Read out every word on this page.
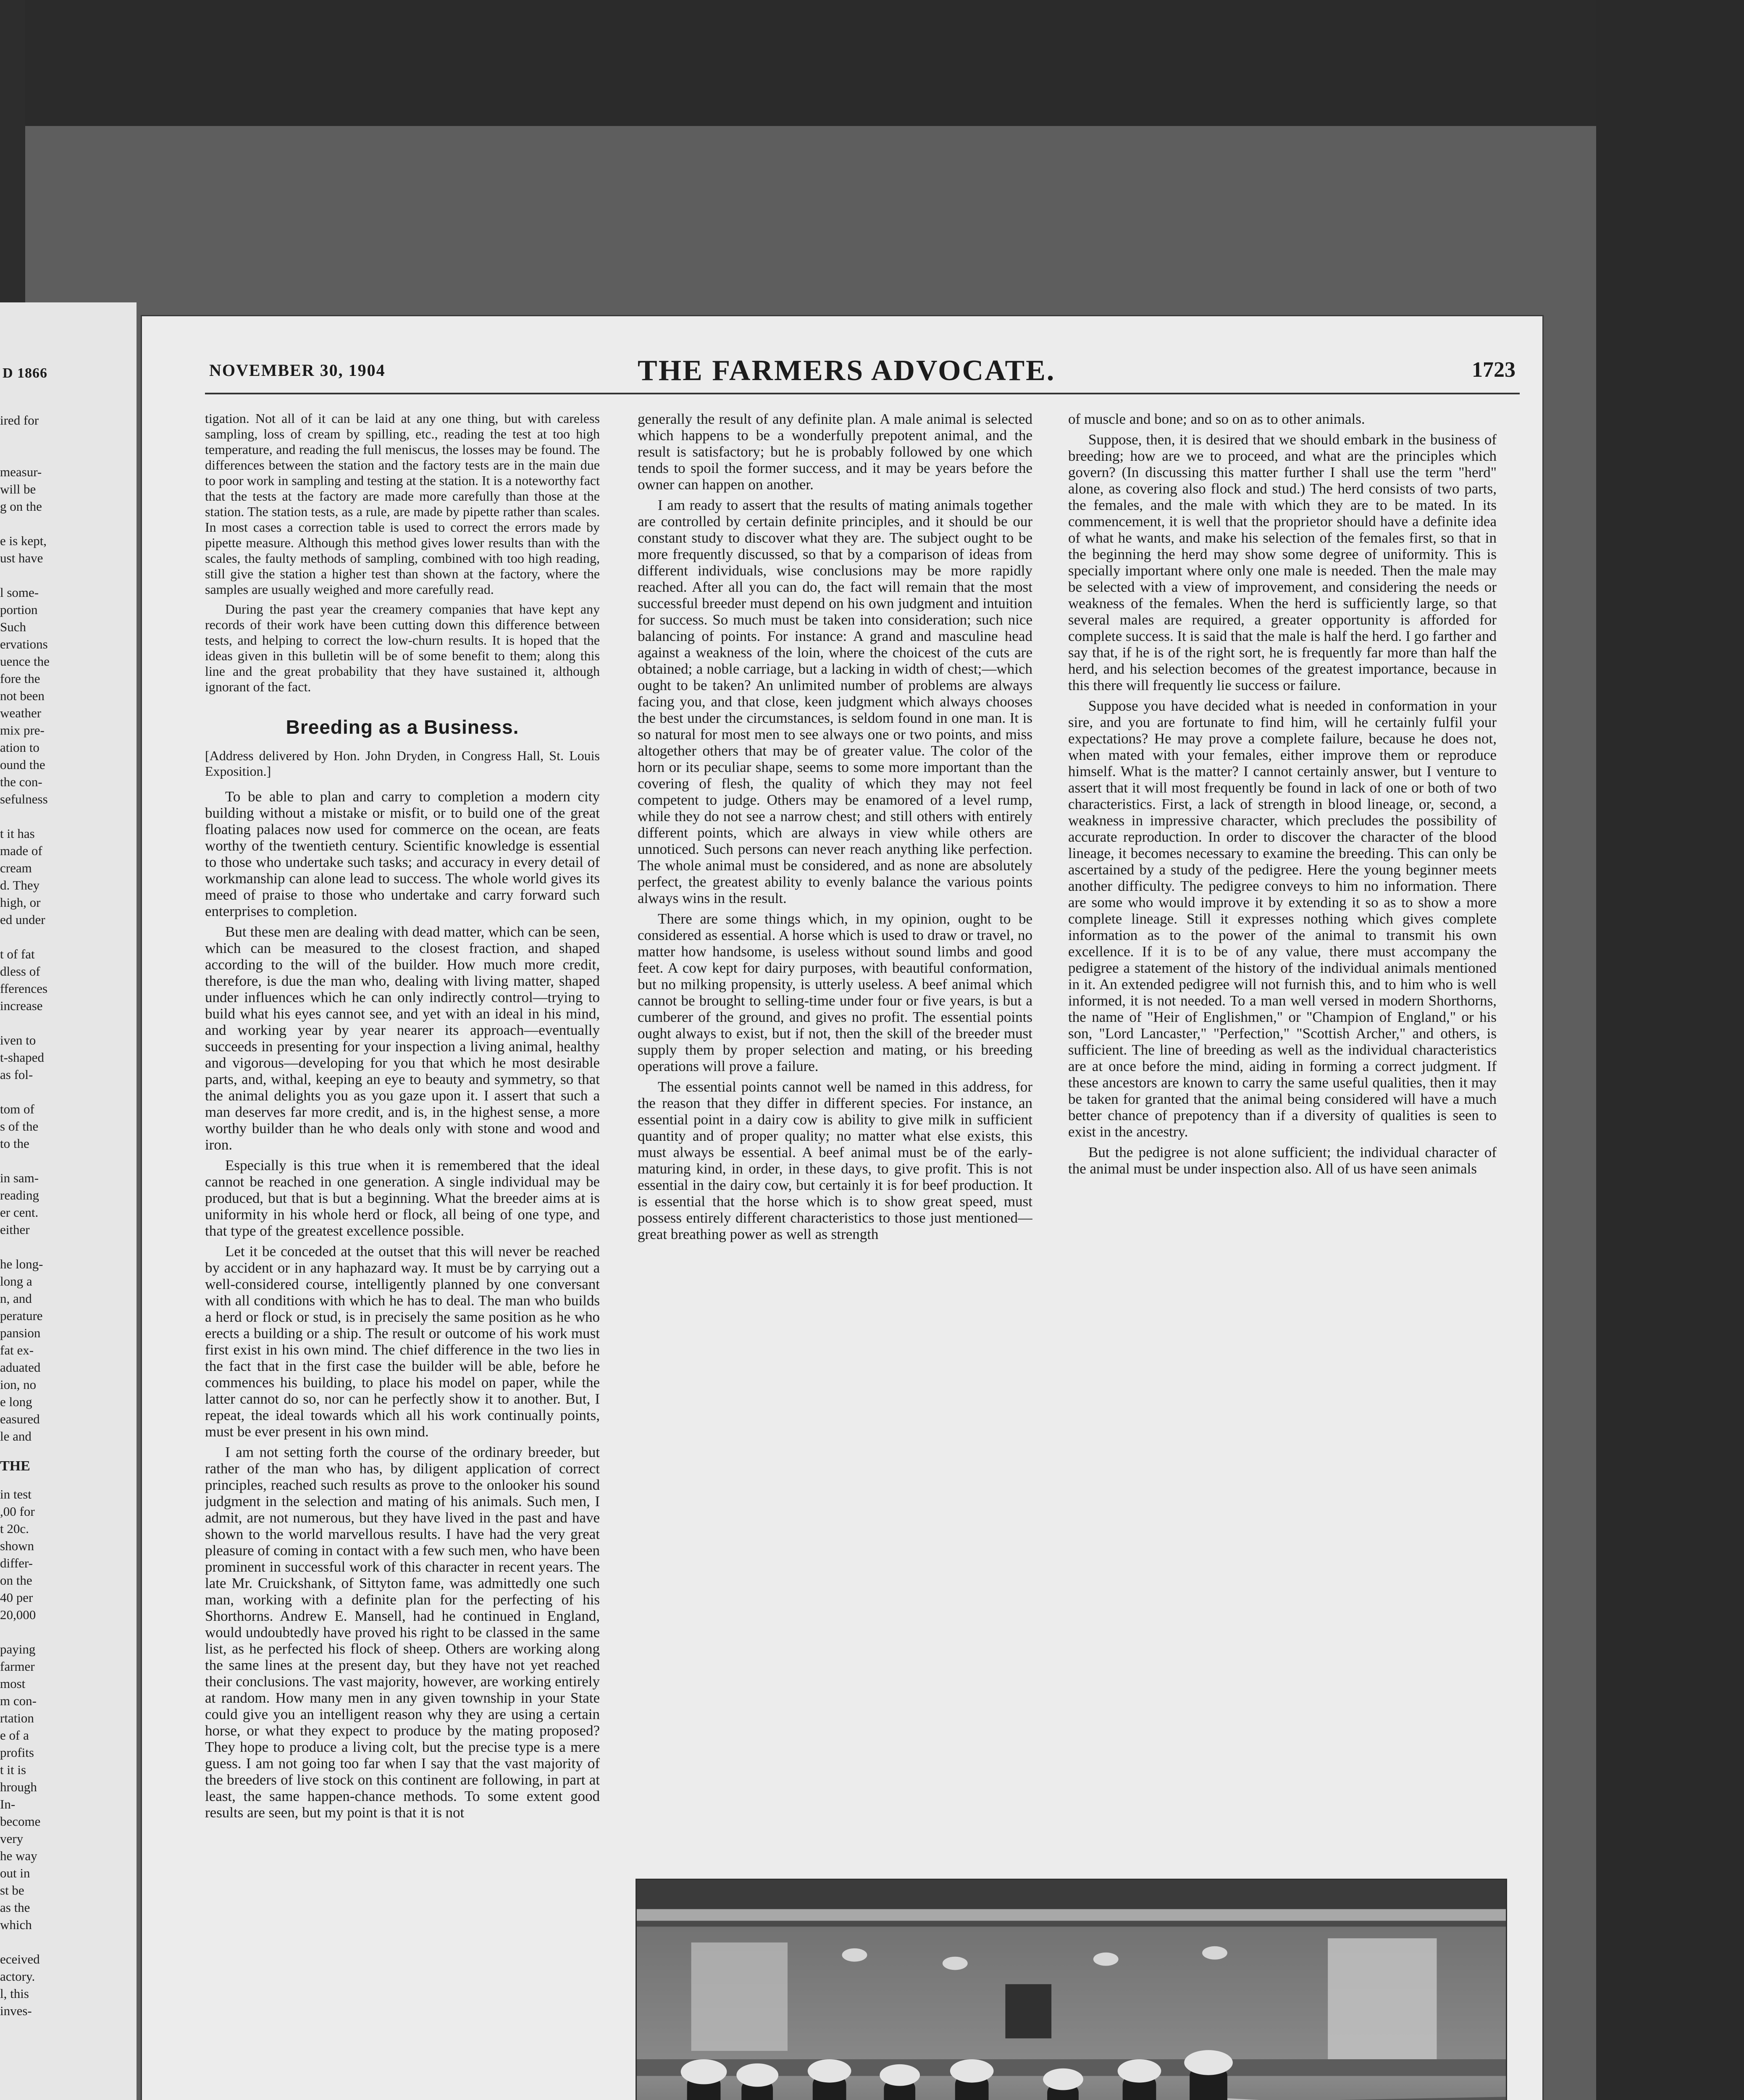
D 1866
ired for

measur-
will be
g on the

e is kept,
ust have

l some-
portion
Such
ervations
uence the
fore the
not been
weather
mix pre-
ation to
ound the
the con-
sefulness

t it has
made of
cream
d. They
high, or
ed under

t of fat
dless of
fferences
increase

iven to
t-shaped
as fol-

tom of
s of the
to the

in sam-
reading
er cent.
either

he long-
long a
n, and
perature
pansion
fat ex-
aduated
ion, no
e long
easured
le and
THE
in test
,00 for
t 20c.
shown
differ-
on the
40 per
20,000

paying
farmer
most
m con-
rtation
e of a
profits
t it is
hrough
In-
become
very
he way
out in
st be
as the
which

eceived
actory.
l, this
inves-
NOVEMBER 30, 1904	THE FARMERS ADVOCATE.	1723

tigation. Not all of it can be laid at any one thing, but with careless sampling, loss of cream by spilling, etc., reading the test at too high temperature, and reading the full meniscus, the losses may be found. The differences between the station and the factory tests are in the main due to poor work in sampling and testing at the station. It is a noteworthy fact that the tests at the factory are made more carefully than those at the station. The station tests, as a rule, are made by pipette rather than scales. In most cases a correction table is used to correct the errors made by pipette measure. Although this method gives lower results than with the scales, the faulty methods of sampling, combined with too high reading, still give the station a higher test than shown at the factory, where the samples are usually weighed and more carefully read.

During the past year the creamery companies that have kept any records of their work have been cutting down this difference between tests, and helping to correct the low-churn results. It is hoped that the ideas given in this bulletin will be of some benefit to them; along this line and the great probability that they have sustained it, although ignorant of the fact.

Breeding as a Business.
[Address delivered by Hon. John Dryden, in Congress Hall, St. Louis Exposition.]

To be able to plan and carry to completion a modern city building without a mistake or misfit, or to build one of the great floating palaces now used for commerce on the ocean, are feats worthy of the twentieth century. Scientific knowledge is essential to those who undertake such tasks; and accuracy in every detail of workmanship can alone lead to success. The whole world gives its meed of praise to those who undertake and carry forward such enterprises to completion.

But these men are dealing with dead matter, which can be seen, which can be measured to the closest fraction, and shaped according to the will of the builder. How much more credit, therefore, is due the man who, dealing with living matter, shaped under influences which he can only indirectly control—trying to build what his eyes cannot see, and yet with an ideal in his mind, and working year by year nearer its approach—eventually succeeds in presenting for your inspection a living animal, healthy and vigorous—developing for you that which he most desirable parts, and, withal, keeping an eye to beauty and symmetry, so that the animal delights you as you gaze upon it. I assert that such a man deserves far more credit, and is, in the highest sense, a more worthy builder than he who deals only with stone and wood and iron.

Especially is this true when it is remembered that the ideal cannot be reached in one generation. A single individual may be produced, but that is but a beginning. What the breeder aims at is uniformity in his whole herd or flock, all being of one type, and that type of the greatest excellence possible.

Let it be conceded at the outset that this will never be reached by accident or in any haphazard way. It must be by carrying out a well-considered course, intelligently planned by one conversant with all conditions with which he has to deal. The man who builds a herd or flock or stud, is in precisely the same position as he who erects a building or a ship. The result or outcome of his work must first exist in his own mind. The chief difference in the two lies in the fact that in the first case the builder will be able, before he commences his building, to place his model on paper, while the latter cannot do so, nor can he perfectly show it to another. But, I repeat, the ideal towards which all his work continually points, must be ever present in his own mind.

I am not setting forth the course of the ordinary breeder, but rather of the man who has, by diligent application of correct principles, reached such results as prove to the onlooker his sound judgment in the selection and mating of his animals. Such men, I admit, are not numerous, but they have lived in the past and have shown to the world marvellous results. I have had the very great pleasure of coming in contact with a few such men, who have been prominent in successful work of this character in recent years. The late Mr. Cruickshank, of Sittyton fame, was admittedly one such man, working with a definite plan for the perfecting of his Shorthorns. Andrew E. Mansell, had he continued in England, would undoubtedly have proved his right to be classed in the same list, as he perfected his flock of sheep. Others are working along the same lines at the present day, but they have not yet reached their conclusions. The vast majority, however, are working entirely at random. How many men in any given township in your State could give you an intelligent reason why they are using a certain horse, or what they expect to produce by the mating proposed? They hope to produce a living colt, but the precise type is a mere guess. I am not going too far when I say that the vast majority of the breeders of live stock on this continent are following, in part at least, the same happen-chance methods. To some extent good results are seen, but my point is that it is not

generally the result of any definite plan. A male animal is selected which happens to be a wonderfully prepotent animal, and the result is satisfactory; but he is probably followed by one which tends to spoil the former success, and it may be years before the owner can happen on another.

I am ready to assert that the results of mating animals together are controlled by certain definite principles, and it should be our constant study to discover what they are. The subject ought to be more frequently discussed, so that by a comparison of ideas from different individuals, wise conclusions may be more rapidly reached. After all you can do, the fact will remain that the most successful breeder must depend on his own judgment and intuition for success. So much must be taken into consideration; such nice balancing of points. For instance: A grand and masculine head against a weakness of the loin, where the choicest of the cuts are obtained; a noble carriage, but a lacking in width of chest;—which ought to be taken? An unlimited number of problems are always facing you, and that close, keen judgment which always chooses the best under the circumstances, is seldom found in one man. It is so natural for most men to see always one or two points, and miss altogether others that may be of greater value. The color of the horn or its peculiar shape, seems to some more important than the covering of flesh, the quality of which they may not feel competent to judge. Others may be enamored of a level rump, while they do not see a narrow chest; and still others with entirely different points, which are always in view while others are unnoticed. Such persons can never reach anything like perfection. The whole animal must be considered, and as none are absolutely perfect, the greatest ability to evenly balance the various points always wins in the result.

There are some things which, in my opinion, ought to be considered as essential. A horse which is used to draw or travel, no matter how handsome, is useless without sound limbs and good feet. A cow kept for dairy purposes, with beautiful conformation, but no milking propensity, is utterly useless. A beef animal which cannot be brought to selling-time under four or five years, is but a cumberer of the ground, and gives no profit. The essential points ought always to exist, but if not, then the skill of the breeder must supply them by proper selection and mating, or his breeding operations will prove a failure.

The essential points cannot well be named in this address, for the reason that they differ in different species. For instance, an essential point in a dairy cow is ability to give milk in sufficient quantity and of proper quality; no matter what else exists, this must always be essential. A beef animal must be of the early-maturing kind, in order, in these days, to give profit. This is not essential in the dairy cow, but certainly it is for beef production. It is essential that the horse which is to show great speed, must possess entirely different characteristics to those just mentioned—great breathing power as well as strength

of muscle and bone; and so on as to other animals.

Suppose, then, it is desired that we should embark in the business of breeding; how are we to proceed, and what are the principles which govern? (In discussing this matter further I shall use the term "herd" alone, as covering also flock and stud.) The herd consists of two parts, the females, and the male with which they are to be mated. In its commencement, it is well that the proprietor should have a definite idea of what he wants, and make his selection of the females first, so that in the beginning the herd may show some degree of uniformity. This is specially important where only one male is needed. Then the male may be selected with a view of improvement, and considering the needs or weakness of the females. When the herd is sufficiently large, so that several males are required, a greater opportunity is afforded for complete success. It is said that the male is half the herd. I go farther and say that, if he is of the right sort, he is frequently far more than half the herd, and his selection becomes of the greatest importance, because in this there will frequently lie success or failure.

Suppose you have decided what is needed in conformation in your sire, and you are fortunate to find him, will he certainly fulfil your expectations? He may prove a complete failure, because he does not, when mated with your females, either improve them or reproduce himself. What is the matter? I cannot certainly answer, but I venture to assert that it will most frequently be found in lack of one or both of two characteristics. First, a lack of strength in blood lineage, or, second, a weakness in impressive character, which precludes the possibility of accurate reproduction. In order to discover the character of the blood lineage, it becomes necessary to examine the breeding. This can only be ascertained by a study of the pedigree. Here the young beginner meets another difficulty. The pedigree conveys to him no information. There are some who would improve it by extending it so as to show a more complete lineage. Still it expresses nothing which gives complete information as to the power of the animal to transmit his own excellence. If it is to be of any value, there must accompany the pedigree a statement of the history of the individual animals mentioned in it. An extended pedigree will not furnish this, and to him who is well informed, it is not needed. To a man well versed in modern Shorthorns, the name of "Heir of Englishmen," or "Champion of England," or his son, "Lord Lancaster," "Perfection," "Scottish Archer," and others, is sufficient. The line of breeding as well as the individual characteristics are at once before the mind, aiding in forming a correct judgment. If these ancestors are known to carry the same useful qualities, then it may be taken for granted that the animal being considered will have a much better chance of prepotency than if a diversity of qualities is seen to exist in the ancestry.

But the pedigree is not alone sufficient; the individual character of the animal must be under inspection also. All of us have seen animals
